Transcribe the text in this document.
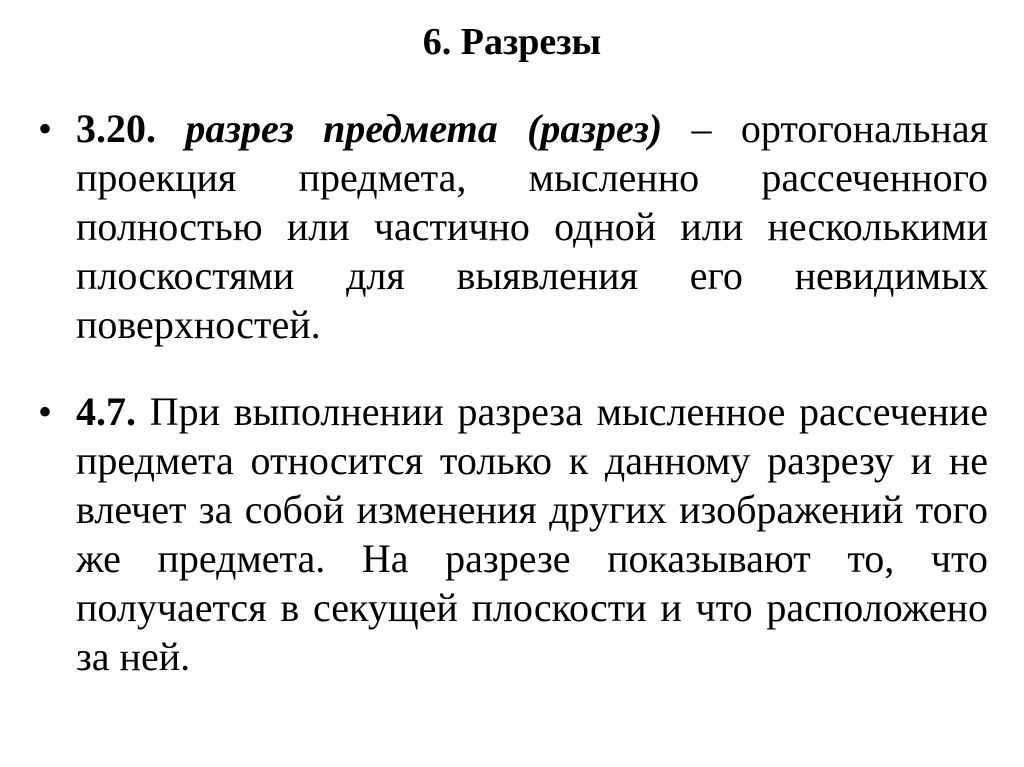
6. Разрезы
• 3.20. разрез предмета (разрез) – ортогональная проекция предмета, мысленно рассеченного полностью или частично одной или несколькими плоскостями для выявления его невидимых поверхностей.
• 4.7. При выполнении разреза мысленное рассечение предмета относится только к данному разрезу и не влечет за собой изменения других изображений того же предмета. На разрезе показывают то, что получается в секущей плоскости и что расположено за ней.
